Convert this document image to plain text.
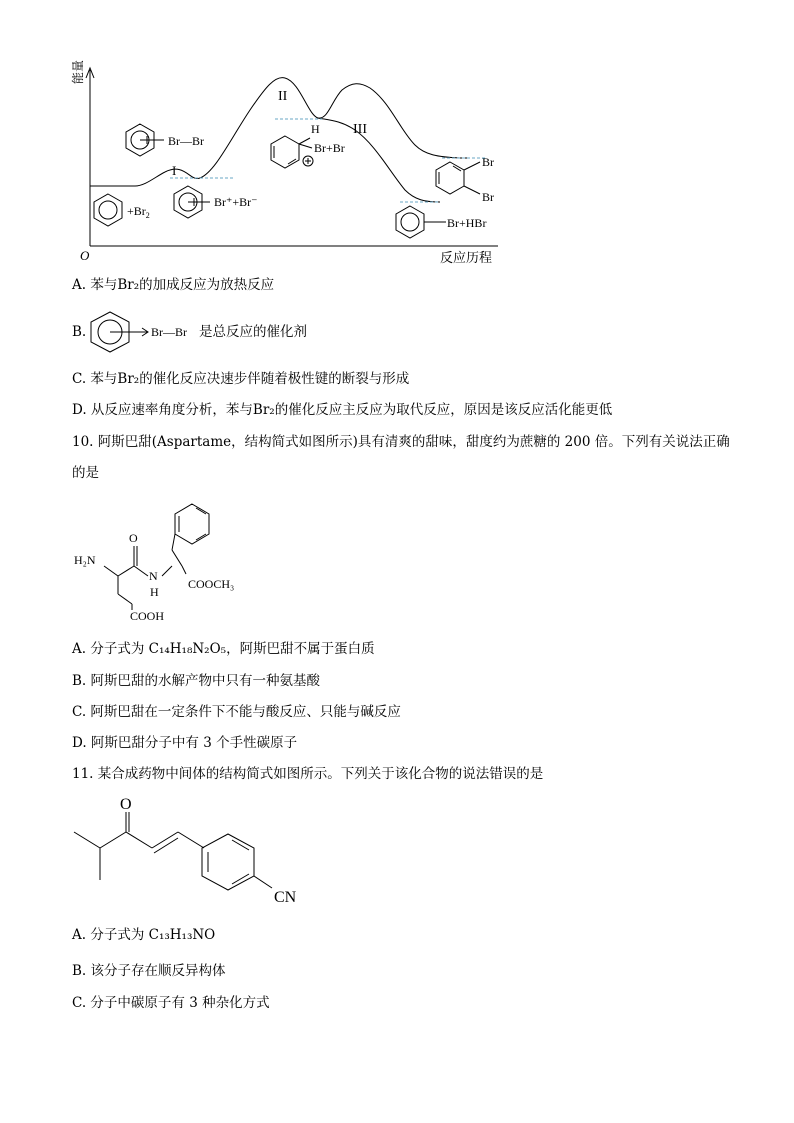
能量
O	反应历程
I
II
III
Br—Br
$+Br_2$
Br⁺+Br⁻
H
Br+Br
Br
Br
Br+HBr
A. 苯与Br₂的加成反应为放热反应
B.	Br—Br 是总反应的催化剂
C. 苯与Br₂的催化反应决速步伴随着极性键的断裂与形成
D. 从反应速率角度分析，苯与Br₂的催化反应主反应为取代反应，原因是该反应活化能更低
10. 阿斯巴甜(Aspartame，结构简式如图所示)具有清爽的甜味，甜度约为蔗糖的 200 倍。下列有关说法正确
的是
H₂N
O
N
H
COOCH₃
COOH
A. 分子式为 C₁₄H₁₈N₂O₅，阿斯巴甜不属于蛋白质
B. 阿斯巴甜的水解产物中只有一种氨基酸
C. 阿斯巴甜在一定条件下不能与酸反应、只能与碱反应
D. 阿斯巴甜分子中有 3 个手性碳原子
11. 某合成药物中间体的结构简式如图所示。下列关于该化合物的说法错误的是
O
CN
A. 分子式为 C₁₃H₁₃NO
B. 该分子存在顺反异构体
C. 分子中碳原子有 3 种杂化方式
